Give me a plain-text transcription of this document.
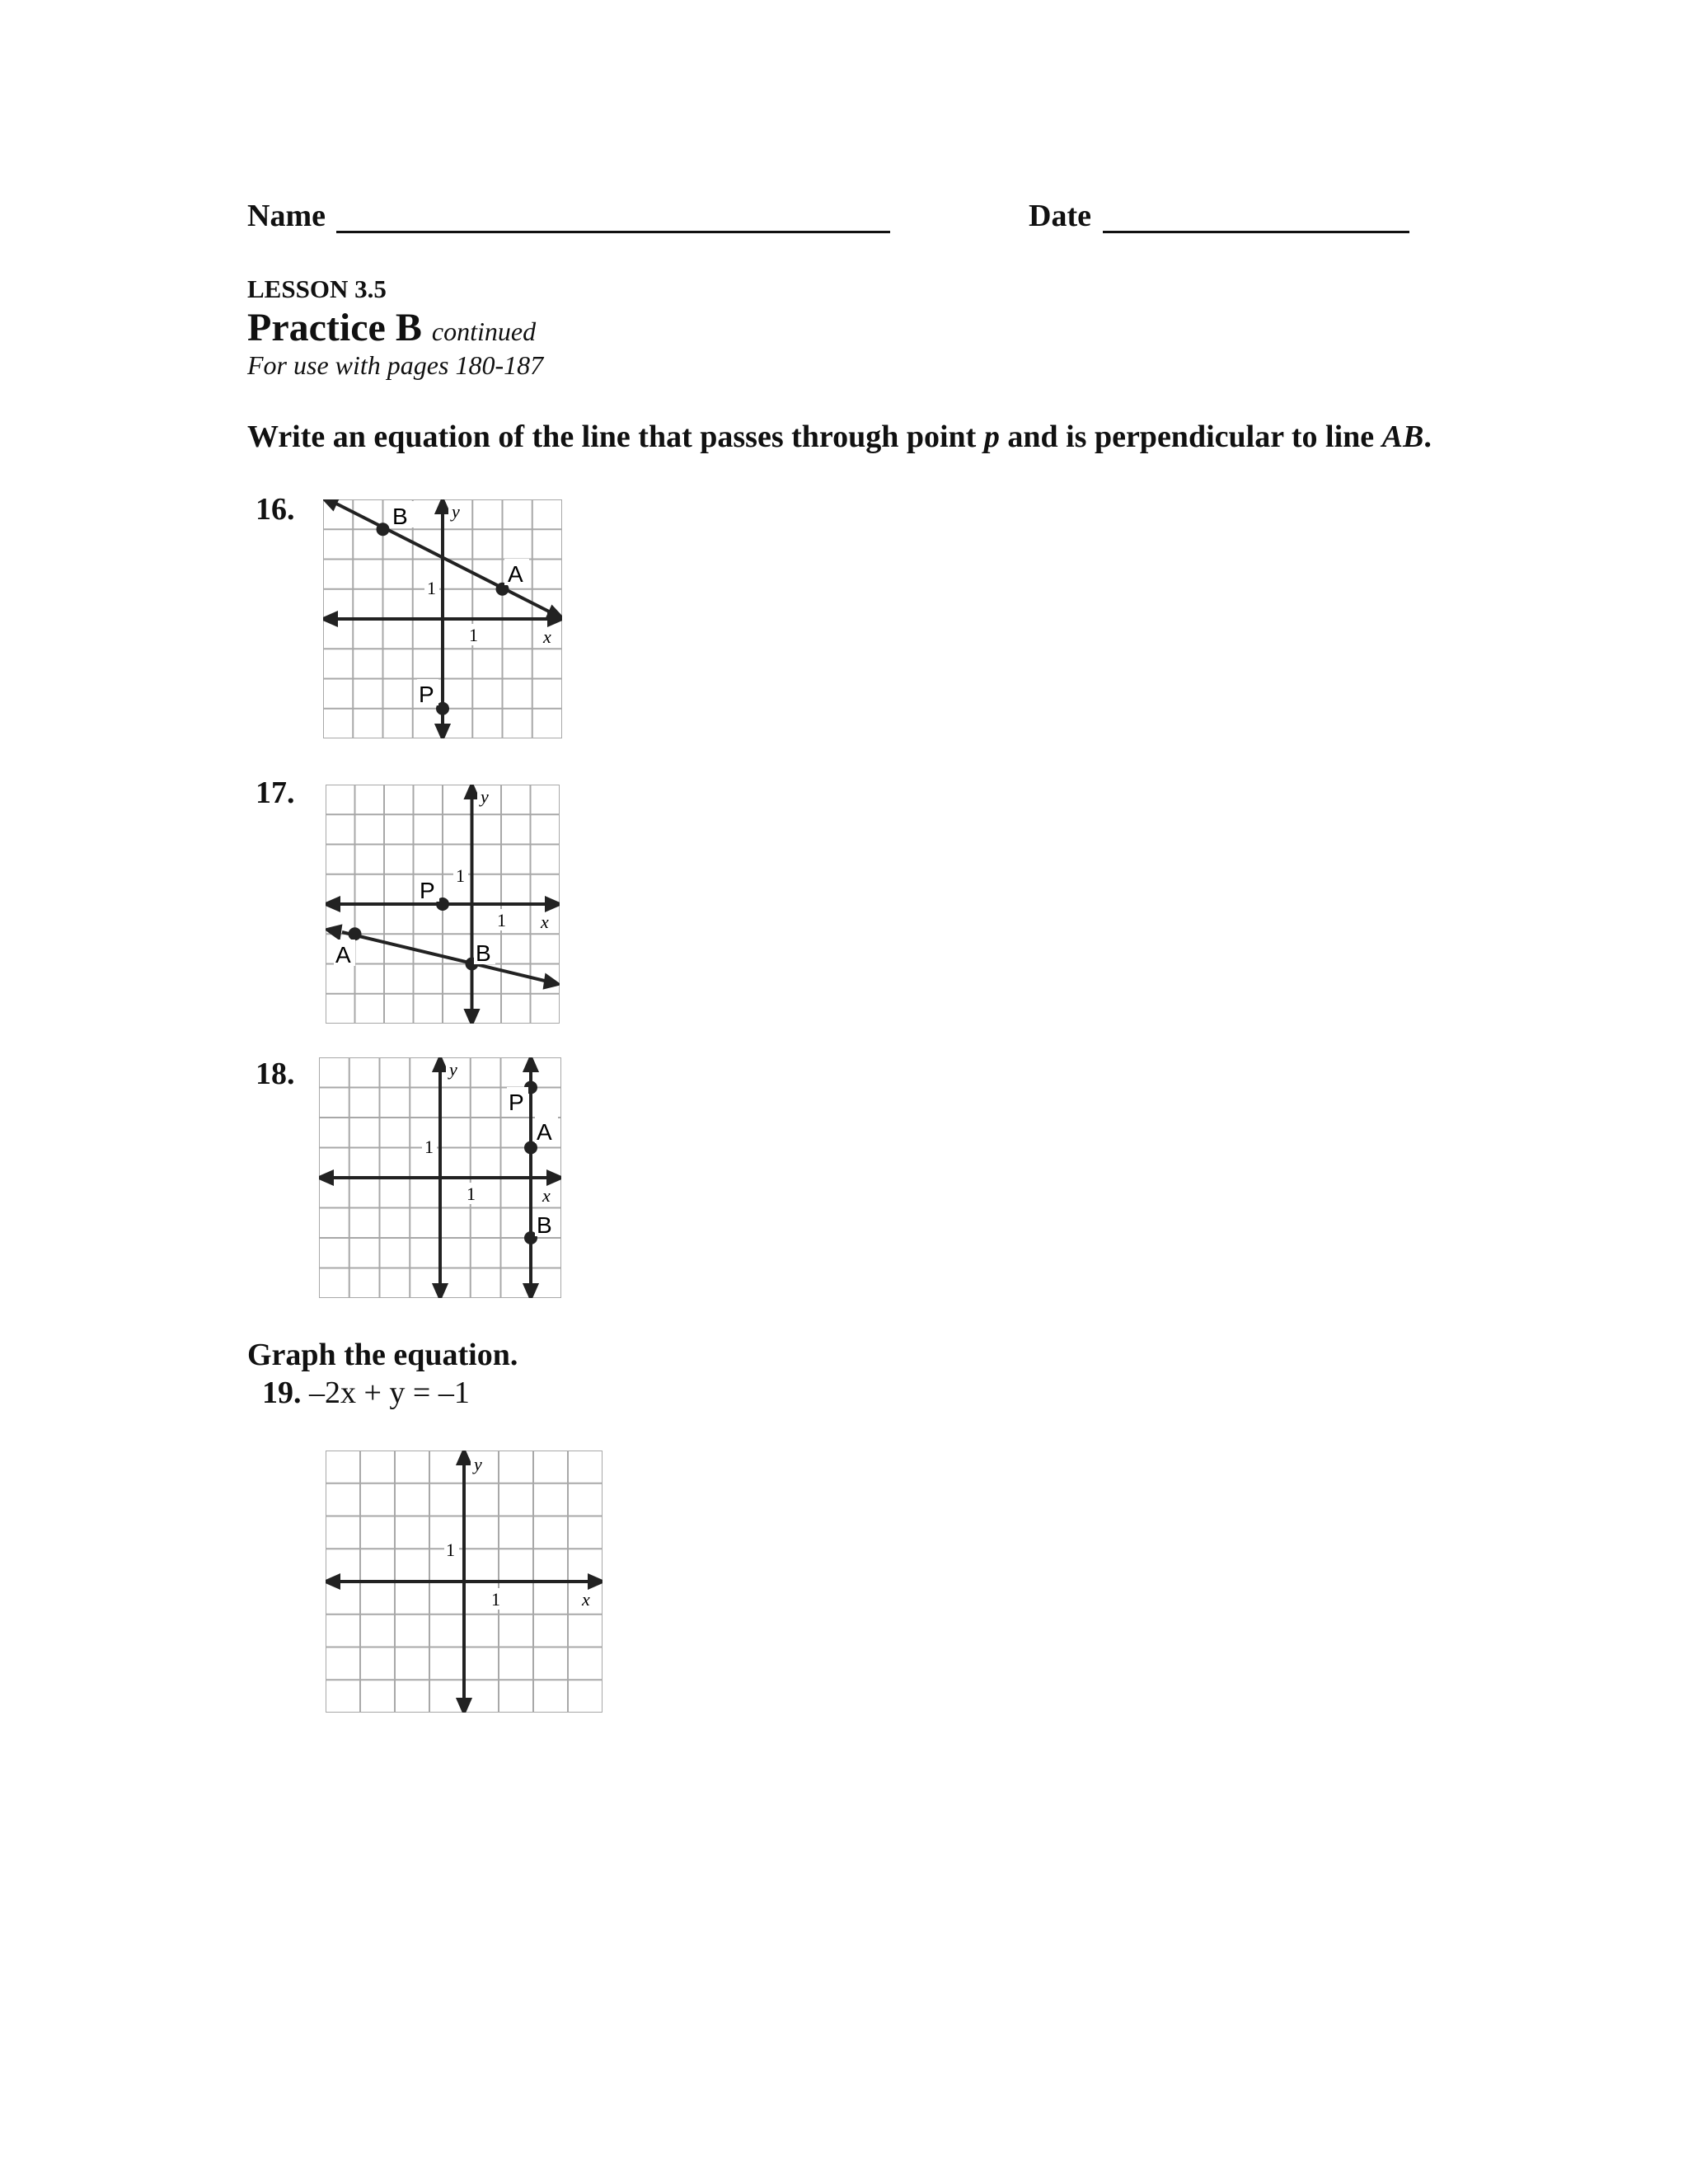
Name	Date
LESSON 3.5
Practice B continued
For use with pages 180-187
Write an equation of the line that passes through point p and is perpendicular to line AB.
16.	B
A
P
y
1
1	x
17.
P
A	B
y
1
1 x
18.
P
A
B
y
1
1	x
Graph the equation.
19. –2x + y = –1
y
1
1	x
